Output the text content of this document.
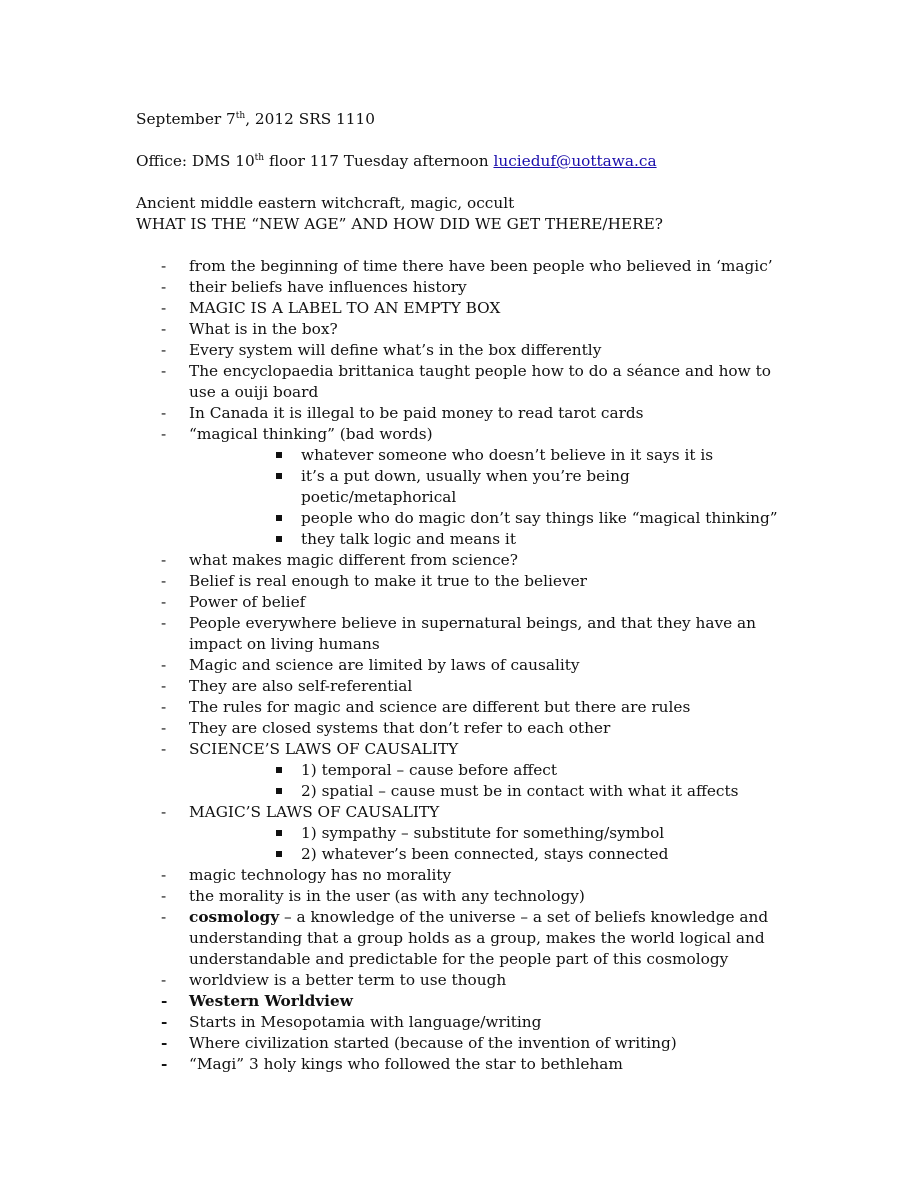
September 7th, 2012 SRS 1110
Office: DMS 10th floor 117 Tuesday afternoon lucieduf@uottawa.ca
Ancient middle eastern witchcraft, magic, occult
WHAT IS THE “NEW AGE” AND HOW DID WE GET THERE/HERE?
- from the beginning of time there have been people who believed in ‘magic’
- their beliefs have influences history
- MAGIC IS A LABEL TO AN EMPTY BOX
- What is in the box?
- Every system will define what’s in the box differently
- The encyclopaedia brittanica taught people how to do a séance and how to use a ouiji board
- In Canada it is illegal to be paid money to read tarot cards
- “magical thinking” (bad words)
whatever someone who doesn’t believe in it says it is
it’s a put down, usually when you’re being poetic/metaphorical
people who do magic don’t say things like “magical thinking”
they talk logic and means it
- what makes magic different from science?
- Belief is real enough to make it true to the believer
- Power of belief
- People everywhere believe in supernatural beings, and that they have an impact on living humans
- Magic and science are limited by laws of causality
- They are also self-referential
- The rules for magic and science are different but there are rules
- They are closed systems that don’t refer to each other
- SCIENCE’S LAWS OF CAUSALITY
1) temporal – cause before affect
2) spatial – cause must be in contact with what it affects
- MAGIC’S LAWS OF CAUSALITY
1) sympathy – substitute for something/symbol
2) whatever’s been connected, stays connected
- magic technology has no morality
- the morality is in the user (as with any technology)
- cosmology – a knowledge of the universe – a set of beliefs knowledge and understanding that a group holds as a group, makes the world logical and understandable and predictable for the people part of this cosmology
- worldview is a better term to use though
- Western Worldview
- Starts in Mesopotamia with language/writing
- Where civilization started (because of the invention of writing)
- “Magi” 3 holy kings who followed the star to bethleham
